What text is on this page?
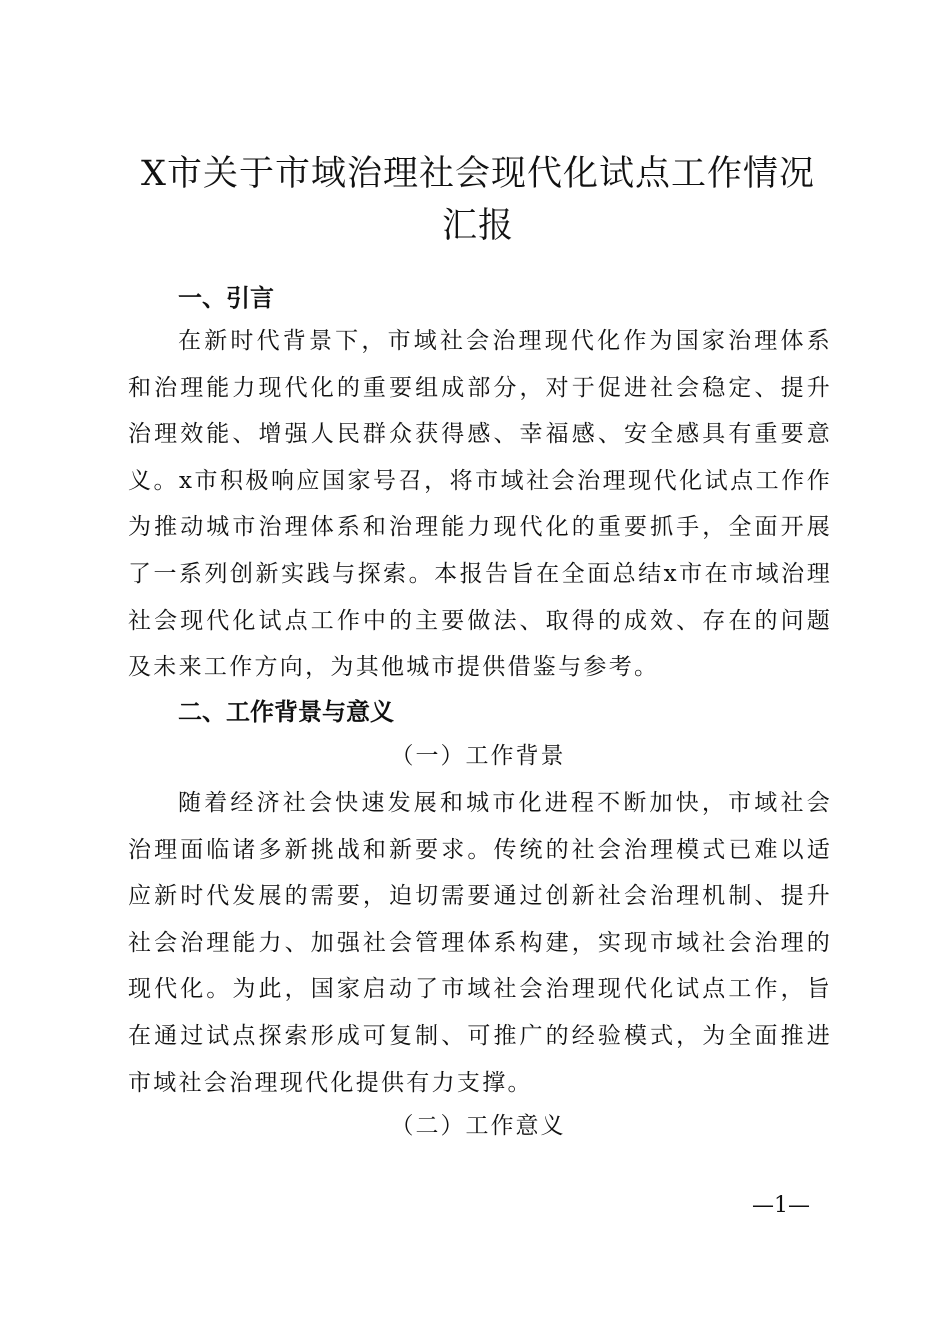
X市关于市域治理社会现代化试点工作情况汇报
一、引言
在新时代背景下，市域社会治理现代化作为国家治理体系和治理能力现代化的重要组成部分，对于促进社会稳定、提升治理效能、增强人民群众获得感、幸福感、安全感具有重要意义。x市积极响应国家号召，将市域社会治理现代化试点工作作为推动城市治理体系和治理能力现代化的重要抓手，全面开展了一系列创新实践与探索。本报告旨在全面总结x市在市域治理社会现代化试点工作中的主要做法、取得的成效、存在的问题及未来工作方向，为其他城市提供借鉴与参考。
二、工作背景与意义
（一）工作背景
随着经济社会快速发展和城市化进程不断加快，市域社会治理面临诸多新挑战和新要求。传统的社会治理模式已难以适应新时代发展的需要，迫切需要通过创新社会治理机制、提升社会治理能力、加强社会管理体系构建，实现市域社会治理的现代化。为此，国家启动了市域社会治理现代化试点工作，旨在通过试点探索形成可复制、可推广的经验模式，为全面推进市域社会治理现代化提供有力支撑。
（二）工作意义
—1—
